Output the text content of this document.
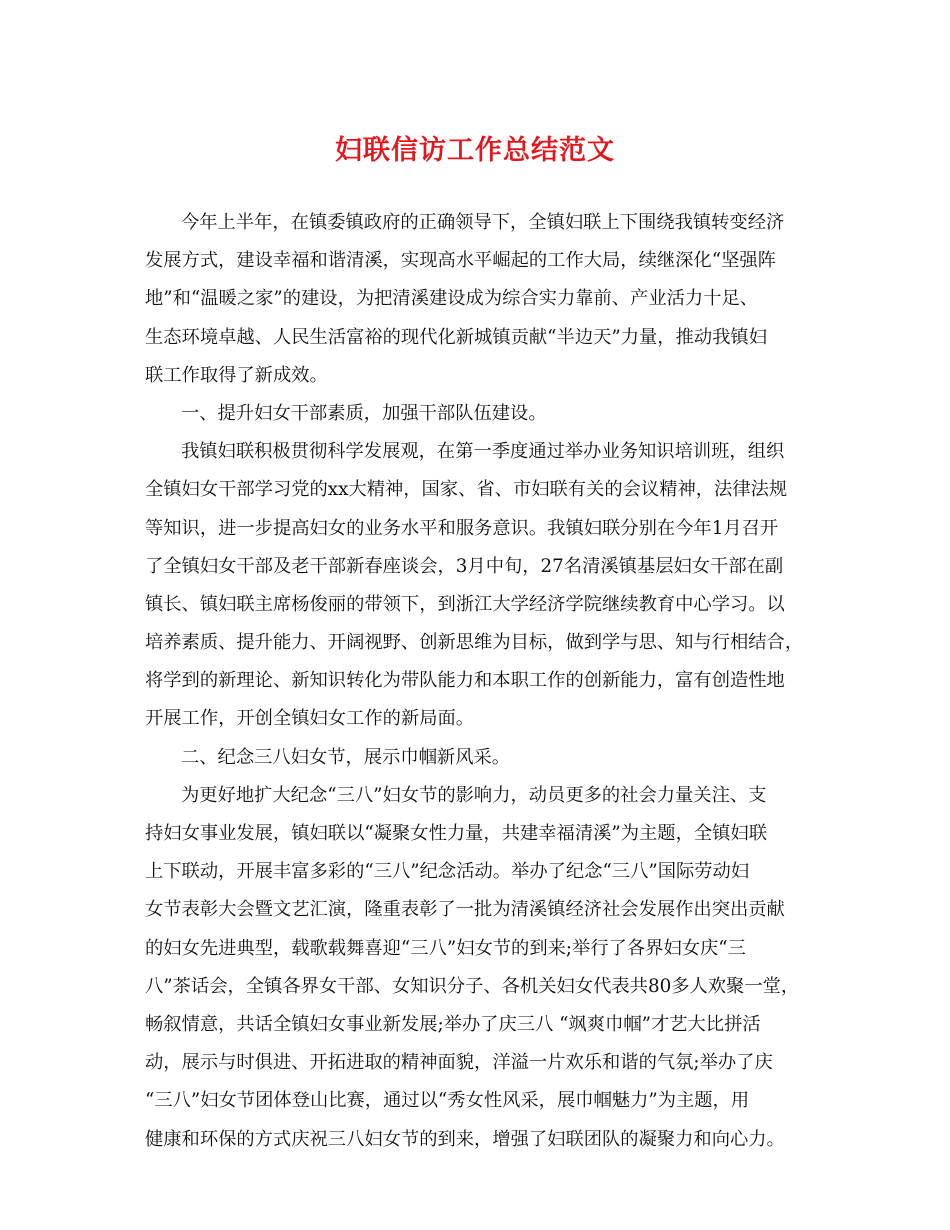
妇联信访工作总结范文
今年上半年，在镇委镇政府的正确领导下，全镇妇联上下围绕我镇转变经济
发展方式，建设幸福和谐清溪，实现高水平崛起的工作大局，续继深化“坚强阵
地”和“温暖之家”的建设，为把清溪建设成为综合实力靠前、产业活力十足、
生态环境卓越、人民生活富裕的现代化新城镇贡献“半边天”力量，推动我镇妇
联工作取得了新成效。
一、提升妇女干部素质，加强干部队伍建设。
我镇妇联积极贯彻科学发展观，在第一季度通过举办业务知识培训班，组织
全镇妇女干部学习党的xx大精神，国家、省、市妇联有关的会议精神，法律法规
等知识，进一步提高妇女的业务水平和服务意识。我镇妇联分别在今年1月召开
了全镇妇女干部及老干部新春座谈会，3月中旬，27名清溪镇基层妇女干部在副
镇长、镇妇联主席杨俊丽的带领下，到浙江大学经济学院继续教育中心学习。以
培养素质、提升能力、开阔视野、创新思维为目标，做到学与思、知与行相结合，
将学到的新理论、新知识转化为带队能力和本职工作的创新能力，富有创造性地
开展工作，开创全镇妇女工作的新局面。
二、纪念三八妇女节，展示巾帼新风采。
为更好地扩大纪念“三八”妇女节的影响力，动员更多的社会力量关注、支
持妇女事业发展，镇妇联以“凝聚女性力量，共建幸福清溪”为主题，全镇妇联
上下联动，开展丰富多彩的“三八”纪念活动。举办了纪念“三八”国际劳动妇
女节表彰大会暨文艺汇演，隆重表彰了一批为清溪镇经济社会发展作出突出贡献
的妇女先进典型，载歌载舞喜迎“三八”妇女节的到来;举行了各界妇女庆“三
八”茶话会，全镇各界女干部、女知识分子、各机关妇女代表共80多人欢聚一堂，
畅叙情意，共话全镇妇女事业新发展;举办了庆三八 “飒爽巾帼”才艺大比拼活
动，展示与时俱进、开拓进取的精神面貌，洋溢一片欢乐和谐的气氛;举办了庆
“三八”妇女节团体登山比赛，通过以“秀女性风采，展巾帼魅力”为主题，用
健康和环保的方式庆祝三八妇女节的到来，增强了妇联团队的凝聚力和向心力。
